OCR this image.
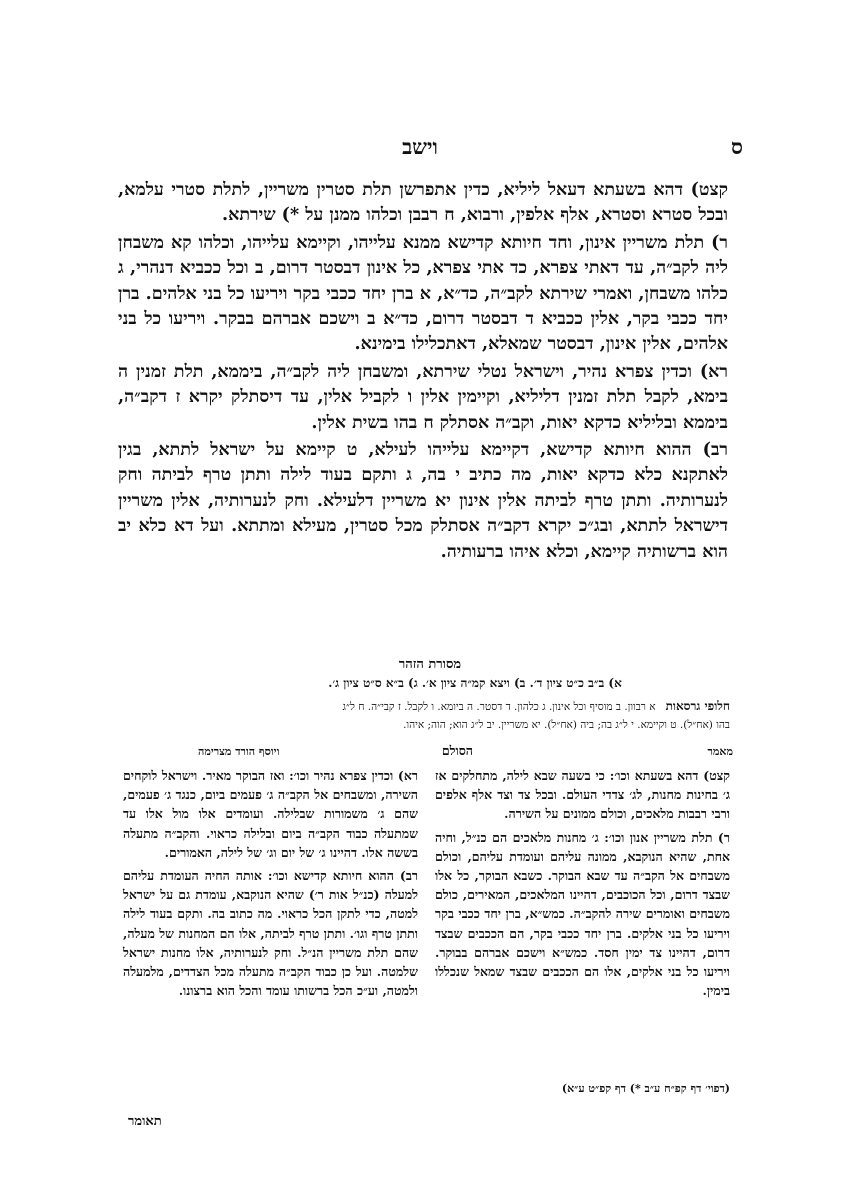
ס
וישב

קצט) דהא בשעתא דעאל ליליא, כדין אתפרשן תלת סטרין משריין, לתלת סטרי עלמא, ובכל סטרא וסטרא, אלף אלפין, ורבוא, ח רבבן וכלהו ממנן על *) שירתא.

ר) תלת משריין אינון, וחד חיותא קדישא ממנא עלייהו, וקיימא עלייהו, וכלהו קא משבחן ליה לקב״ה, עד דאתי צפרא, כד אתי צפרא, כל אינון דבסטר דרום, ב וכל ככביא דנהרי, ג כלהו משבחן, ואמרי שירתא לקב״ה, כד״א, א ברן יחד ככבי בקר ויריעו כל בני אלהים. ברן יחד ככבי בקר, אלין ככביא ד דבסטר דרום, כד״א ב וישכם אברהם בבקר. ויריעו כל בני אלהים, אלין אינון, דבסטר שמאלא, דאתכלילו בימינא.

רא) וכדין צפרא נהיר, וישראל נטלי שירתא, ומשבחן ליה לקב״ה, ביממא, תלת זמנין ה בימא, לקבל תלת זמנין דליליא, וקיימין אלין ו לקביל אלין, עד דיסתלק יקרא ז דקב״ה, ביממא ובליליא כדקא יאות, וקב״ה אסתלק ח בהו בשית אלין.

רב) ההוא חיותא קדישא, דקיימא עלייהו לעילא, ט קיימא על ישראל לתתא, בגין לאתקנא כלא כדקא יאות, מה כתיב י בה, ג ותקם בעוד לילה ותתן טרף לביתה וחק לנערותיה. ותתן טרף לביתה אלין אינון יא משריין דלעילא. וחק לנערותיה, אלין משריין דישראל לתתא, ובג״כ יקרא דקב״ה אסתלק מכל סטרין, מעילא ומתתא. ועל דא כלא יב הוא ברשותיה קיימא, וכלא איהו ברעותיה.

מסורת הזהר
א) ב״ב כ״ט ציון ד׳. ב) ויצא קמ״ה ציון א׳. ג) ב״א ס״ט ציון ג׳.
חלופי גרסאותא רבוון. ב מוסיף וכל אינון. ג כלהון. ד דסטר. ה ביומא. ו לקבל. ז קבי״ה. ח ל״ג
בהו (אח״ל). ט וקיימא. י ל״ג בה; ביה (אח״ל). יא משריין. יב ל״ג הוא; הוה; איהו.
מאמר
הסולם
ויוסף הורד מצרימה

קצט) דהא בשעתא וכו׳: כי בשעה שבא לילה, מתחלקים אז ג׳ בחינות מחנות, לג׳ צדדי העולם. ובכל צד וצד אלף אלפים ורבי רבבות מלאכים, וכולם ממונים על השירה.

ר) תלת משריין אנון וכו׳: ג׳ מחנות מלאכים הם כנ״ל, וחיה אחת, שהיא הנוקבא, ממונה עליהם ועומדת עליהם, וכולם משבחים אל הקב״ה עד שבא הבוקר. כשבא הבוקר, כל אלו שבצד דרום, וכל הכוכבים, דהיינו המלאכים, המאירים, כולם משבחים ואומרים שירה להקב״ה. כמש״א, ברן יחד ככבי בקר ויריעו כל בני אלקים. ברן יחד ככבי בקר, הם הככבים שבצד דרום, דהיינו צד ימין חסד. כמש״א וישכם אברהם בבוקר. ויריעו כל בני אלקים, אלו הם הככבים שבצד שמאל שנכללו בימין.

רא) וכדין צפרא נהיר וכו׳: ואז הבוקר מאיר. וישראל לוקחים השירה, ומשבחים אל הקב״ה ג׳ פעמים ביום, כנגד ג׳ פעמים, שהם ג׳ משמורות שבלילה. ועומדים אלו מול אלו עד שמתעלה כבוד הקב״ה ביום ובלילה כראוי. והקב״ה מתעלה בששה אלו. דהיינו ג׳ של יום וג׳ של לילה, האמורים.

רב) ההוא חיותא קדישא וכו׳: אותה החיה העומדת עליהם למעלה (כנ״ל אות ר׳) שהיא הנוקבא, עומדת גם על ישראל למטה, כדי לתקן הכל כראוי. מה כתוב בה. ותקם בעוד לילה ותתן טרף וגו׳. ותתן טרף לביתה, אלו הם המחנות של מעלה, שהם תלת משריין הנ״ל. וחק לנערותיה, אלו מחנות ישראל שלמטה. ועל כן כבוד הקב״ה מתעלה מכל הצדדים, מלמעלה ולמטה, וע״כ הכל ברשותו עומד והכל הוא ברצונו.

(דפוי׳ דף קפ״ח ע״ב *) דף קפ״ט ע״א)
תאומר
